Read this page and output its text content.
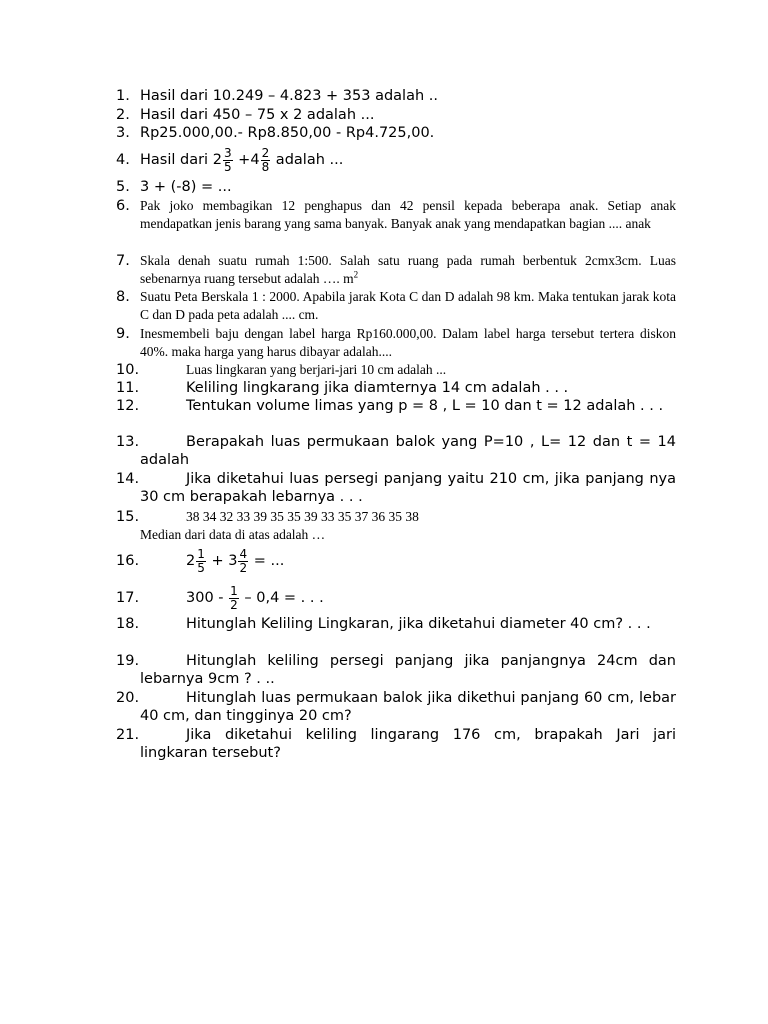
1. Hasil dari 10.249 – 4.823 + 353 adalah ..
2. Hasil dari 450 – 75 x 2 adalah ...
3. Rp25.000,00.- Rp8.850,00 - Rp4.725,00.
4. Hasil dari $2 \frac{3}{5} +4 \frac{2}{8}$ adalah ...
5. 3 + (-8) = ...
6. Pak joko membagikan 12 penghapus dan 42 pensil kepada beberapa anak. Setiap anak mendapatkan jenis barang yang sama banyak. Banyak anak yang mendapatkan bagian .... anak
7. Skala denah suatu rumah 1:500. Salah satu ruang pada rumah berbentuk 2cmx3cm. Luas sebenarnya ruang tersebut adalah …. $m^2$
8. Suatu Peta Berskala 1 : 2000. Apabila jarak Kota C dan D adalah 98 km. Maka tentukan jarak kota C dan D pada peta adalah .... cm.
9. Inesmembeli baju dengan label harga Rp160.000,00. Dalam label harga tersebut tertera diskon 40%. maka harga yang harus dibayar adalah....
10.	Luas lingkaran yang berjari-jari 10 cm adalah ...
11.	Keliling lingkarang jika diamternya 14 cm adalah . . .
12.	Tentukan volume limas yang p = 8 , L = 10 dan t = 12 adalah . . .
13.	Berapakah luas permukaan balok yang P=10 , L= 12 dan t = 14 adalah
14.	Jika diketahui luas persegi panjang yaitu 210 cm, jika panjang nya 30 cm berapakah lebarnya . . .
15.	38 34 32 33 39 35 35 39 33 35 37 36 35 38
Median dari data di atas adalah …
16.	$2 \frac{1}{5} + 3 \frac{4}{2}$ = ...
17.	$300 - \frac{1}{2} - 0,4$ = . . .
18.	Hitunglah Keliling Lingkaran, jika diketahui diameter 40 cm? . . .
19.	Hitunglah keliling persegi panjang jika panjangnya 24cm dan lebarnya 9cm ? . ..
20.	Hitunglah luas permukaan balok jika dikethui panjang 60 cm, lebar 40 cm, dan tingginya 20 cm?
21.	Jika diketahui keliling lingarang 176 cm, brapakah Jari jari lingkaran tersebut?
